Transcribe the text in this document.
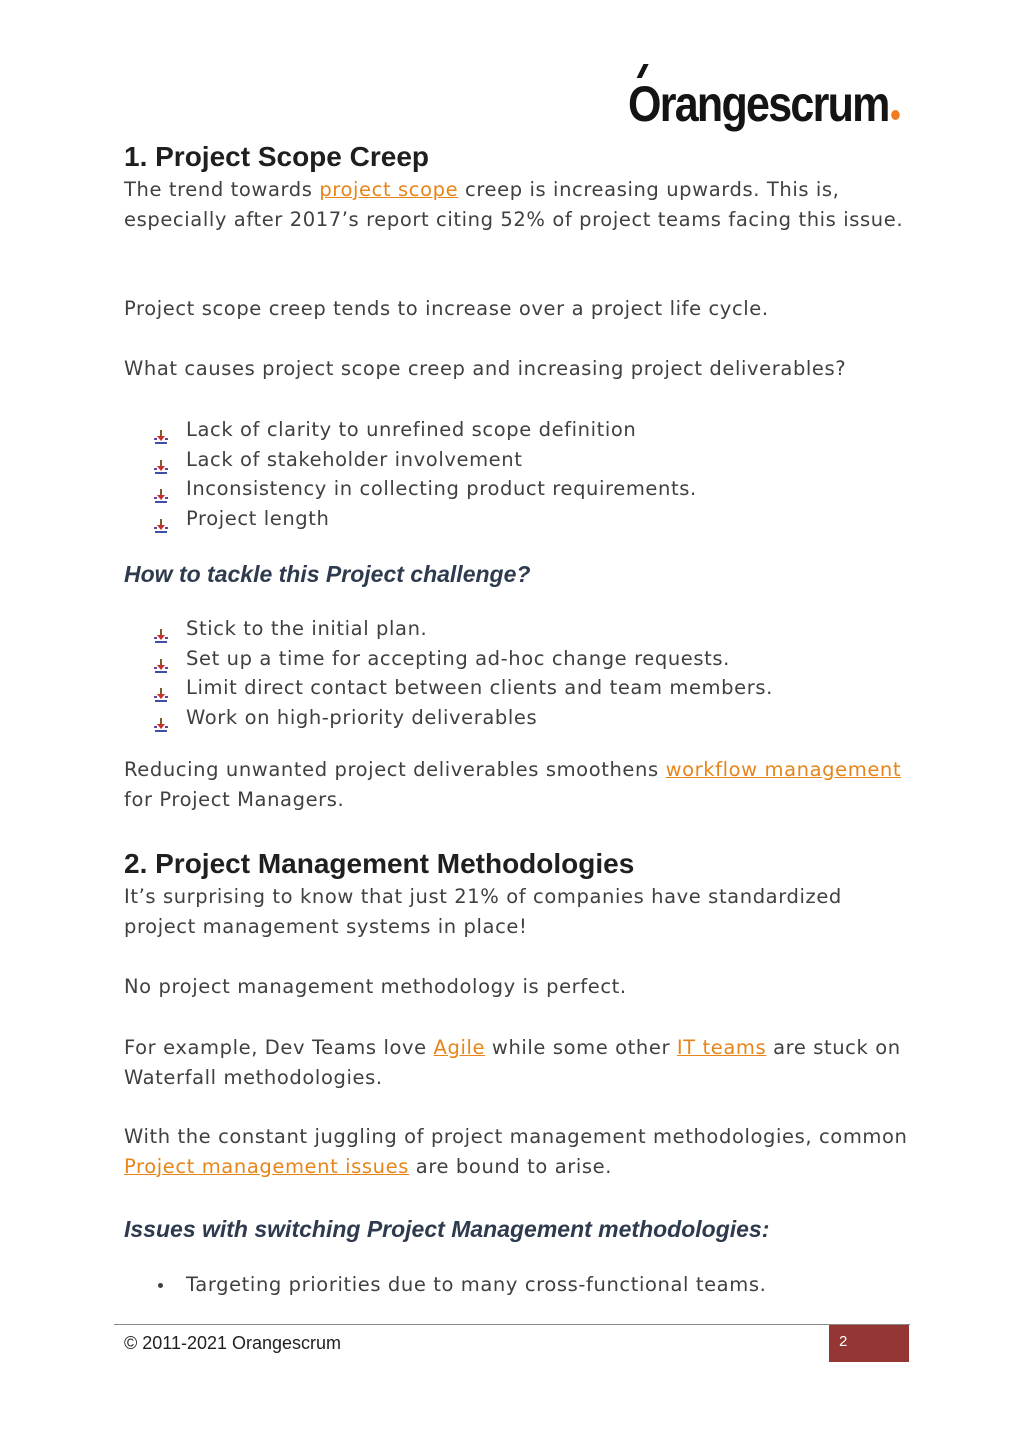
Orangescrum
1. Project Scope Creep

The trend towards project scope creep is increasing upwards. This is, especially after 2017’s report citing 52% of project teams facing this issue.

Project scope creep tends to increase over a project life cycle.

What causes project scope creep and increasing project deliverables?

Lack of clarity to unrefined scope definition
Lack of stakeholder involvement
Inconsistency in collecting product requirements.
Project length
How to tackle this Project challenge?
Stick to the initial plan.
Set up a time for accepting ad-hoc change requests.
Limit direct contact between clients and team members.
Work on high-priority deliverables

Reducing unwanted project deliverables smoothens workflow management for Project Managers.

2. Project Management Methodologies

It’s surprising to know that just 21% of companies have standardized project management systems in place!

No project management methodology is perfect.

For example, Dev Teams love Agile while some other IT teams are stuck on Waterfall methodologies.

With the constant juggling of project management methodologies, common Project management issues are bound to arise.

Issues with switching Project Management methodologies:
Targeting priorities due to many cross-functional teams.
© 2011-2021 Orangescrum	2
